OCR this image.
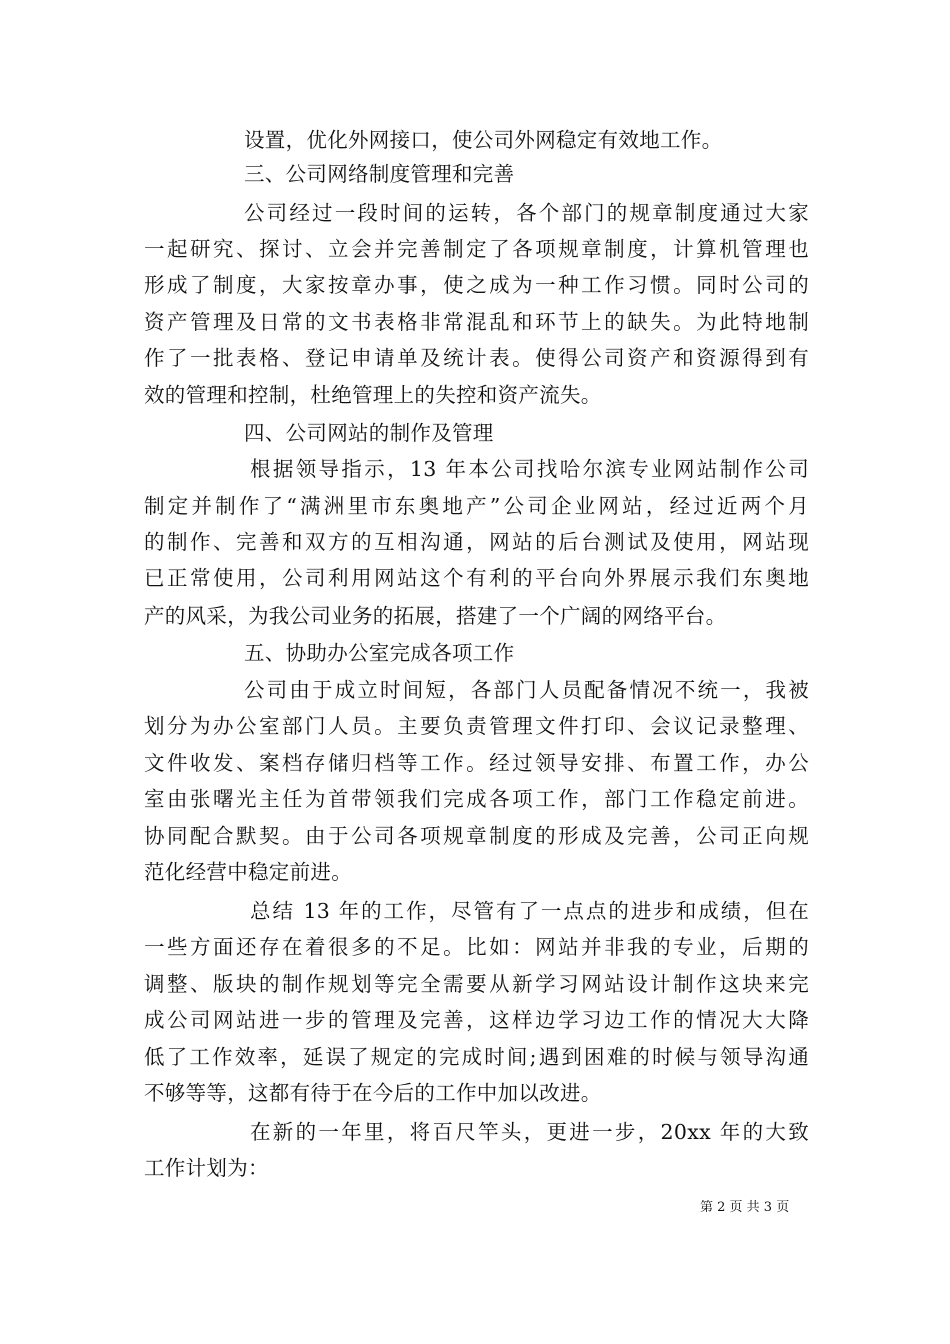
设置，优化外网接口，使公司外网稳定有效地工作。
三、公司网络制度管理和完善
公司经过一段时间的运转，各个部门的规章制度通过大家
一起研究、探讨、立会并完善制定了各项规章制度，计算机管理也
形成了制度，大家按章办事，使之成为一种工作习惯。同时公司的
资产管理及日常的文书表格非常混乱和环节上的缺失。为此特地制
作了一批表格、登记申请单及统计表。使得公司资产和资源得到有
效的管理和控制，杜绝管理上的失控和资产流失。
四、公司网站的制作及管理
根据领导指示，13 年本公司找哈尔滨专业网站制作公司
制定并制作了“满洲里市东奥地产”公司企业网站，经过近两个月
的制作、完善和双方的互相沟通，网站的后台测试及使用，网站现
已正常使用，公司利用网站这个有利的平台向外界展示我们东奥地
产的风采，为我公司业务的拓展，搭建了一个广阔的网络平台。
五、协助办公室完成各项工作
公司由于成立时间短，各部门人员配备情况不统一，我被
划分为办公室部门人员。主要负责管理文件打印、会议记录整理、
文件收发、案档存储归档等工作。经过领导安排、布置工作，办公
室由张曙光主任为首带领我们完成各项工作，部门工作稳定前进。
协同配合默契。由于公司各项规章制度的形成及完善，公司正向规
范化经营中稳定前进。
总结 13 年的工作，尽管有了一点点的进步和成绩，但在
一些方面还存在着很多的不足。比如：网站并非我的专业，后期的
调整、版块的制作规划等完全需要从新学习网站设计制作这块来完
成公司网站进一步的管理及完善，这样边学习边工作的情况大大降
低了工作效率，延误了规定的完成时间;遇到困难的时候与领导沟通
不够等等，这都有待于在今后的工作中加以改进。
在新的一年里，将百尺竿头，更进一步，20xx 年的大致
工作计划为：
第 2 页 共 3 页
